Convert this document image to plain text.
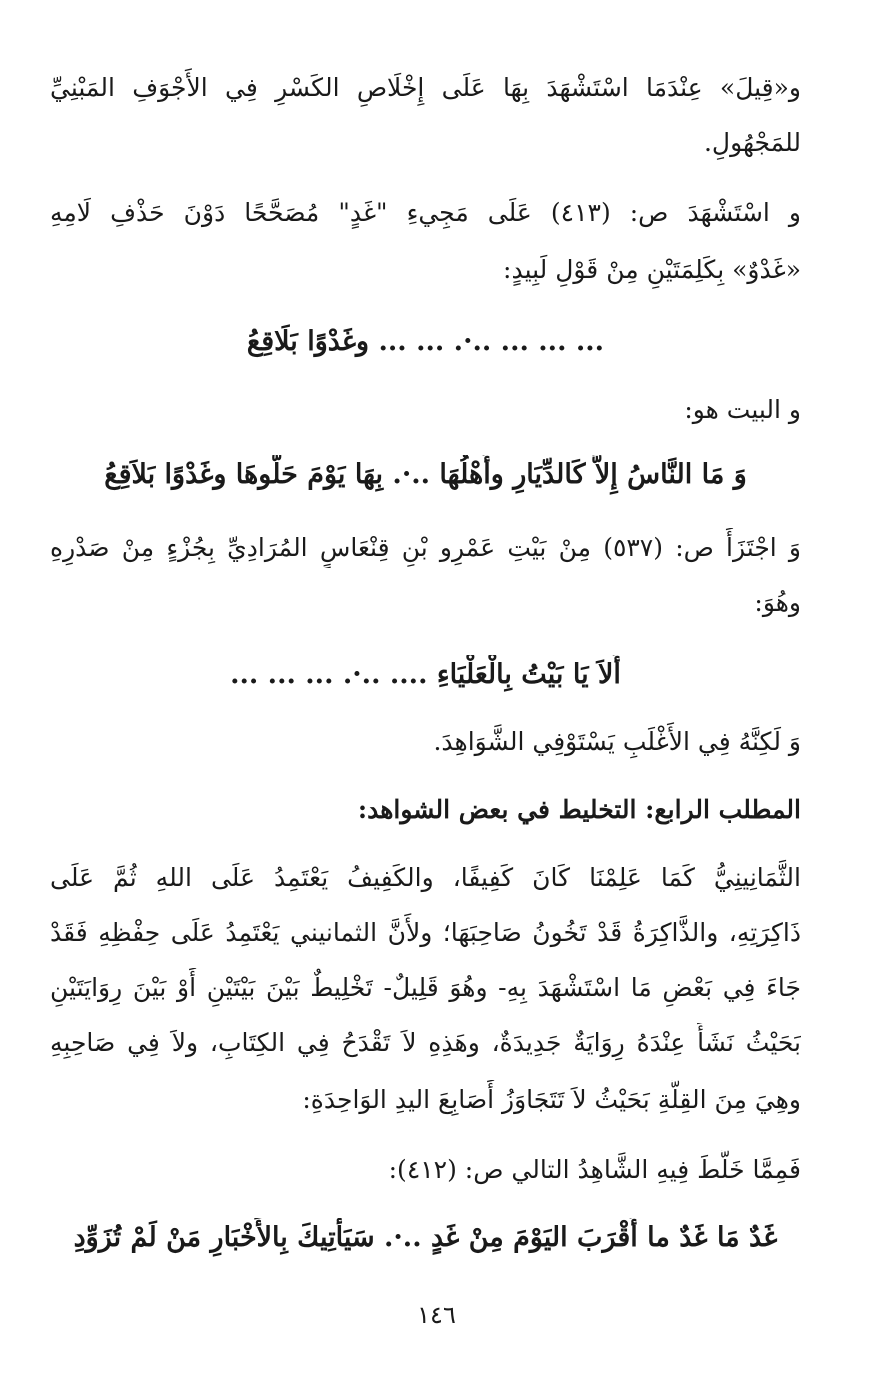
و«قِيلَ» عِنْدَمَا اسْتَشْهَدَ بِهَا عَلَى إِخْلَاصِ الكَسْرِ فِي الأَجْوَفِ المَبْنِيِّ
للمَجْهُولِ.
و اسْتَشْهَدَ ص: (٤١٣) عَلَى مَجِيءِ "غَدٍ" مُصَحَّحًا دَوْنَ حَذْفِ لَامِهِ
«غَدْوٌ» بِكَلِمَتَيْنِ مِنْ قَوْلِ لَبِيدٍ:
... ... ... ..·. ... ... وغَدْوًا بَلَاقِعُ
و البيت هو:
وَ مَا النَّاسُ إِلاَّ كَالدِّيَارِ وأَهْلُهَا ..·. بِهَا يَوْمَ حَلُّوهَا وغَدْوًا بَلاَقِعُ
وَ اجْتَزَأَ ص: (٥٣٧) مِنْ بَيْتِ عَمْرِو بْنِ قِنْعَاسٍ المُرَادِيِّ بِجُزْءٍ مِنْ صَدْرِهِ
وهُوَ:
أَلاَ يَا بَيْتُ بِالْعَلْيَاءِ .... ..·. ... ... ...
وَ لَكِنَّهُ فِي الأَغْلَبِ يَسْتَوْفِي الشَّوَاهِدَ.
المطلب الرابع: التخليط في بعض الشواهد:
الثَّمَانِينِيُّ كَمَا عَلِمْنَا كَانَ كَفِيفًا، والكَفِيفُ يَعْتَمِدُ عَلَى اللهِ ثُمَّ عَلَى
ذَاكِرَتِهِ، والذَّاكِرَةُ قَدْ تَخُونُ صَاحِبَهَا؛ ولأَنَّ الثمانيني يَعْتَمِدُ عَلَى حِفْظِهِ فَقَدْ
جَاءَ فِي بَعْضِ مَا اسْتَشْهَدَ بِهِ- وهُوَ قَلِيلٌ- تَخْلِيطٌ بَيْنَ بَيْتَيْنِ أَوْ بَيْنَ رِوَايَتَيْنِ
بَحَيْثُ نَشَأَ عِنْدَهُ رِوَايَةٌ جَدِيدَةٌ، وهَذِهِ لاَ تَقْدَحُ فِي الكِتَابِ، ولاَ فِي صَاحِبِهِ
وهِيَ مِنَ القِلَّةِ بَحَيْثُ لاَ تَتَجَاوَزُ أَصَابِعَ اليدِ الوَاحِدَةِ:
فَمِمَّا خَلَّطَ فِيهِ الشَّاهِدُ التالي ص: (٤١٢):
غَدٌ مَا غَدٌ ما أَقْرَبَ اليَوْمَ مِنْ غَدٍ ..·. سَيَأْتِيكَ بِالأَخْبَارِ مَنْ لَمْ تُزَوِّدِ
١٤٦
